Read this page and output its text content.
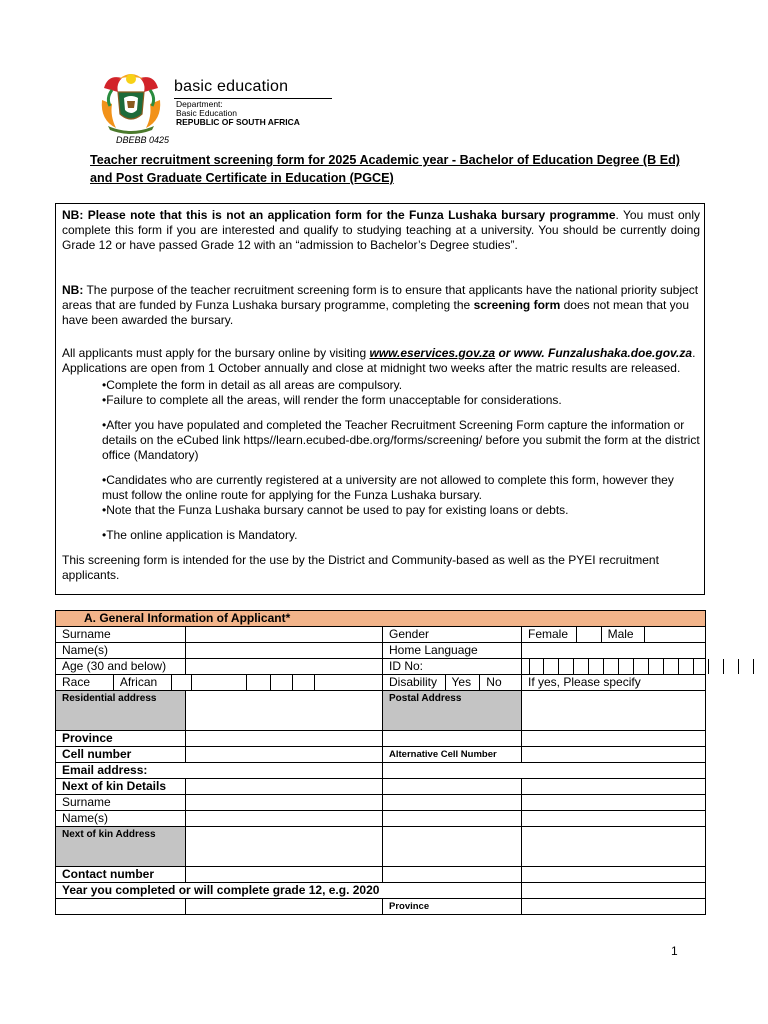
basic education
Department:
Basic Education
REPUBLIC OF SOUTH AFRICA
DBEBB 0425
Teacher recruitment screening form for 2025 Academic year - Bachelor of Education Degree (B Ed) and Post Graduate Certificate in Education (PGCE)

NB: Please note that this is not an application form for the Funza Lushaka bursary programme. You must only complete this form if you are interested and qualify to studying teaching at a university. You should be currently doing Grade 12 or have passed Grade 12 with an “admission to Bachelor’s Degree studies”.

NB: The purpose of the teacher recruitment screening form is to ensure that applicants have the national priority subject areas that are funded by Funza Lushaka bursary programme, completing the screening form does not mean that you have been awarded the bursary.

All applicants must apply for the bursary online by visiting www.eservices.gov.za or www. Funzalushaka.doe.gov.za. Applications are open from 1 October annually and close at midnight two weeks after the matric results are released.

•Complete the form in detail as all areas are compulsory.

•Failure to complete all the areas, will render the form unacceptable for considerations.

•After you have populated and completed the Teacher Recruitment Screening Form capture the information or details on the eCubed link https//learn.ecubed-dbe.org/forms/screening/ before you submit the form at the district office (Mandatory)

•Candidates who are currently registered at a university are not allowed to complete this form, however they must follow the online route for applying for the Funza Lushaka bursary.

•Note that the Funza Lushaka bursary cannot be used to pay for existing loans or debts.

•The online application is Mandatory.

This screening form is intended for the use by the District and Community-based as well as the PYEI recruitment applicants.

A. General Information of Applicant*			
Surname		Gender	Female Male

Name(s)		Home Language	
Age (30 and below)		ID No:	

Race African		Disability Yes No	If yes, Please specify
Residential address		Postal Address	
Province			
Cell number		Alternative Cell Number	
Email address:			
Next of kin Details			
Surname			
Name(s)			
Next of kin Address			
Contact number			
Year you completed or will complete grade 12, e.g. 2020			
		Province	
1
